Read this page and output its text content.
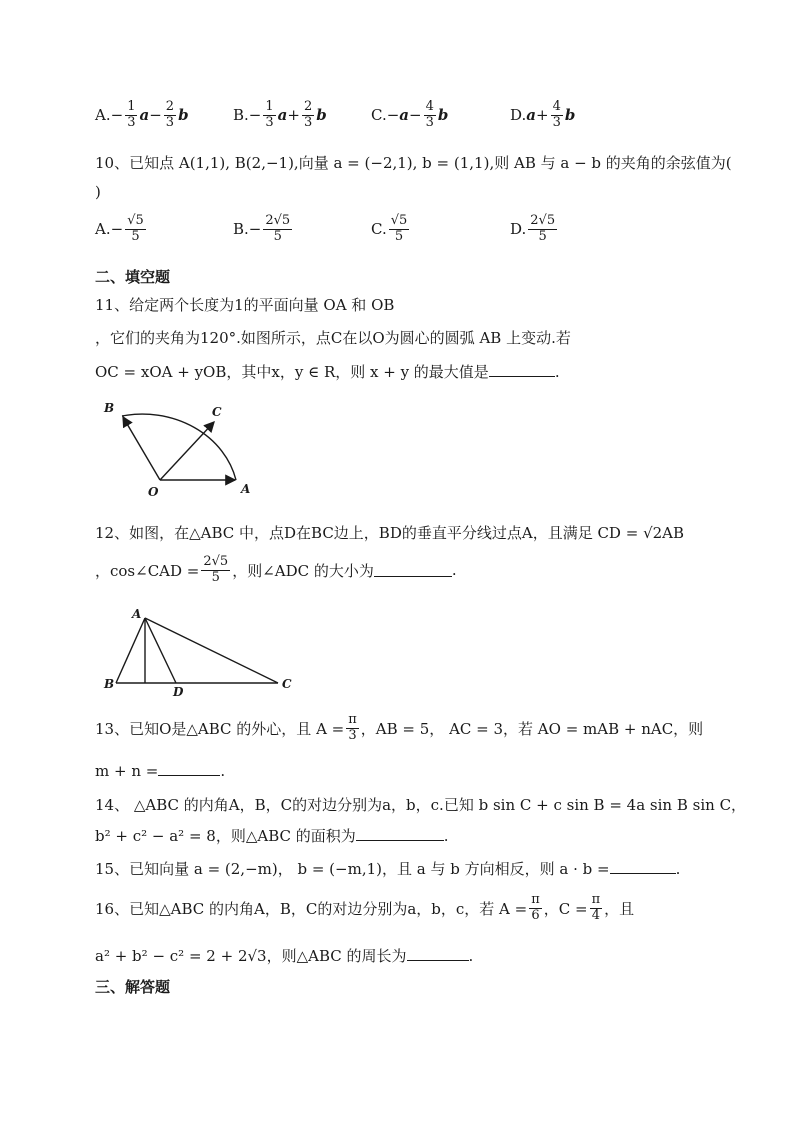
A. − $\frac{1}{3}$ $a - \frac{2}{3}$ b	B. − $\frac{1}{3}$ $a + \frac{2}{3}$ b	C. − $a - \frac{4}{3}$ b	D. $a + \frac{4}{3}$ b
10、已知点 A(1,1), B(2,−1),向量 a = (−2,1), b = (1,1),则 AB 与 a − b 的夹角的余弦值为(
)
A. − $\frac{√5}{5}$	B. − $\frac{2√5}{5}$	C. $\frac{√5}{5}$	D. $\frac{2√5}{5}$
二、填空题
11、给定两个长度为1的平面向量 OA 和 OB
，它们的夹角为120°.如图所示，点C在以O为圆心的圆弧 AB 上变动.若
OC = xOA + yOB，其中x，y ∈ R，则 x + y 的最大值是	.
B	C
O	A
12、如图，在△ABC 中，点D在BC边上，BD的垂直平分线过点A，且满足 CD = √2AB
，cos∠CAD = $\frac{2√5}{5}$ ，则∠ADC 的大小为	.
A
B
D
C
13、已知O是△ABC 的外心，且 $A = \frac{\pi}{3}$ ，AB = 5， AC = 3，若 AO = mAB + nAC，则
m + n =	.
14、 △ABC 的内角A，B，C的对边分别为a，b，c.已知 b sin C + c sin B = 4a sin B sin C，
b² + c² − a² = 8，则△ABC 的面积为	.
15、已知向量 a = (2,−m)， b = (−m,1)，且 a 与 b 方向相反，则 a · b =	.
16、已知△ABC 的内角A，B，C的对边分别为a，b，c，若 $A = \frac{\pi}{6}$ ，$C = \frac{\pi}{4}$ ，且
a² + b² − c² = 2 + 2√3，则△ABC 的周长为	.
三、解答题
